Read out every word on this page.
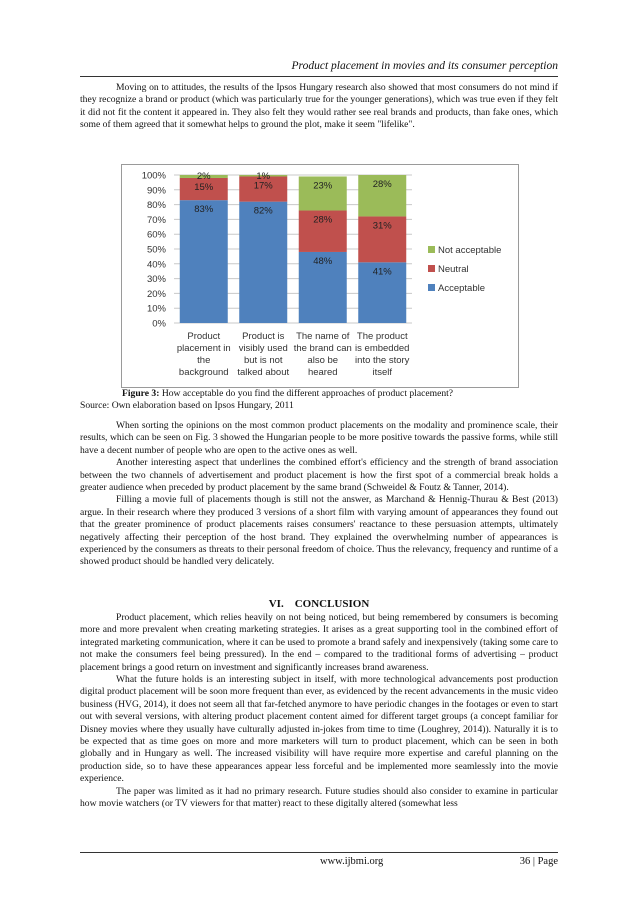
Product placement in movies and its consumer perception

Moving on to attitudes, the results of the Ipsos Hungary research also showed that most consumers do not mind if they recognize a brand or product (which was particularly true for the younger generations), which was true even if they felt it did not fit the content it appeared in. They also felt they would rather see real brands and products, than fake ones, which some of them agreed that it somewhat helps to ground the plot, make it seem "lifelike".

0%
10%
20%
30%
40%
50%
60%
70%
80%
90%
100%
83%
15%
2%
Product
placement in
the
background
82%
17%
1%
Product is
visibly used
but is not
talked about
48%
28%
23%
The name of
the brand can
also be
heared
41%
31%
28%
The product
is embedded
into the story
itself
Not acceptable
Neutral
Acceptable
Figure 3: How acceptable do you find the different approaches of product placement?
Source: Own elaboration based on Ipsos Hungary, 2011

When sorting the opinions on the most common product placements on the modality and prominence scale, their results, which can be seen on Fig. 3 showed the Hungarian people to be more positive towards the passive forms, while still have a decent number of people who are open to the active ones as well.

Another interesting aspect that underlines the combined effort's efficiency and the strength of brand association between the two channels of advertisement and product placement is how the first spot of a commercial break holds a greater audience when preceded by product placement by the same brand (Schweidel & Foutz & Tanner, 2014).

Filling a movie full of placements though is still not the answer, as Marchand & Hennig-Thurau & Best (2013) argue. In their research where they produced 3 versions of a short film with varying amount of appearances they found out that the greater prominence of product placements raises consumers' reactance to these persuasion attempts, ultimately negatively affecting their perception of the host brand. They explained the overwhelming number of appearances is experienced by the consumers as threats to their personal freedom of choice. Thus the relevancy, frequency and runtime of a showed product should be handled very delicately.

VI. CONCLUSION

Product placement, which relies heavily on not being noticed, but being remembered by consumers is becoming more and more prevalent when creating marketing strategies. It arises as a great supporting tool in the combined effort of integrated marketing communication, where it can be used to promote a brand safely and inexpensively (taking some care to not make the consumers feel being pressured). In the end – compared to the traditional forms of advertising – product placement brings a good return on investment and significantly increases brand awareness.

What the future holds is an interesting subject in itself, with more technological advancements post production digital product placement will be soon more frequent than ever, as evidenced by the recent advancements in the music video business (HVG, 2014), it does not seem all that far-fetched anymore to have periodic changes in the footages or even to start out with several versions, with altering product placement content aimed for different target groups (a concept familiar for Disney movies where they usually have culturally adjusted in-jokes from time to time (Loughrey, 2014)). Naturally it is to be expected that as time goes on more and more marketers will turn to product placement, which can be seen in both globally and in Hungary as well. The increased visibility will have require more expertise and careful planning on the production side, so to have these appearances appear less forceful and be implemented more seamlessly into the movie experience.

The paper was limited as it had no primary research. Future studies should also consider to examine in particular how movie watchers (or TV viewers for that matter) react to these digitally altered (somewhat less

www.ijbmi.org	36 | Page
